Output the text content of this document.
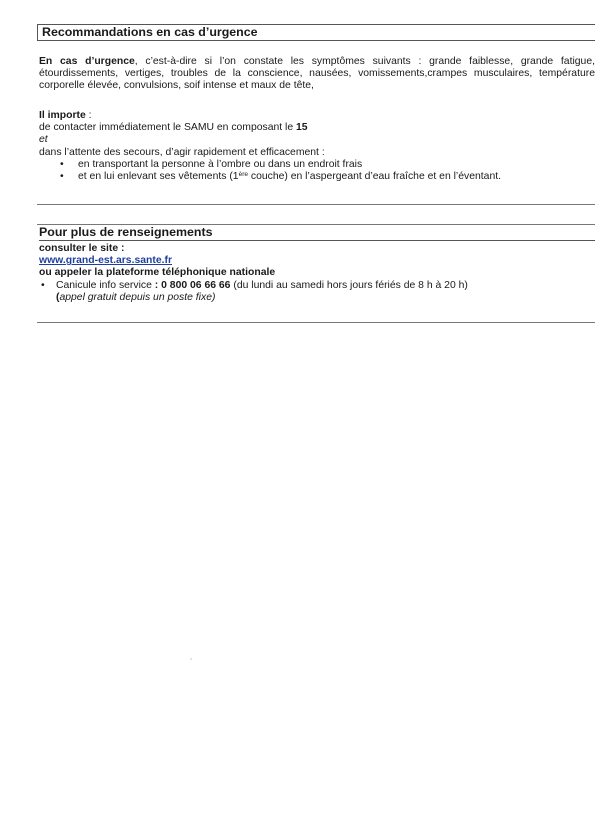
Recommandations en cas d’urgence
En cas d’urgence, c’est-à-dire si l’on constate les symptômes suivants : grande faiblesse, grande fatigue, étourdissements, vertiges, troubles de la conscience, nausées, vomissements,crampes musculaires, température corporelle élevée, convulsions, soif intense et maux de tête,
Il importe :
de contacter immédiatement le SAMU en composant le 15
et
dans l’attente des secours, d’agir rapidement et efficacement :
• en transportant la personne à l’ombre ou dans un endroit frais
• et en lui enlevant ses vêtements (1ère couche) en l’aspergeant d’eau fraîche et en l’éventant.
Pour plus de renseignements
consulter le site :
www.grand-est.ars.sante.fr
ou appeler la plateforme téléphonique nationale
• Canicule info service : 0 800 06 66 66 (du lundi au samedi hors jours fériés de 8 h à 20 h)
(appel gratuit depuis un poste fixe)
